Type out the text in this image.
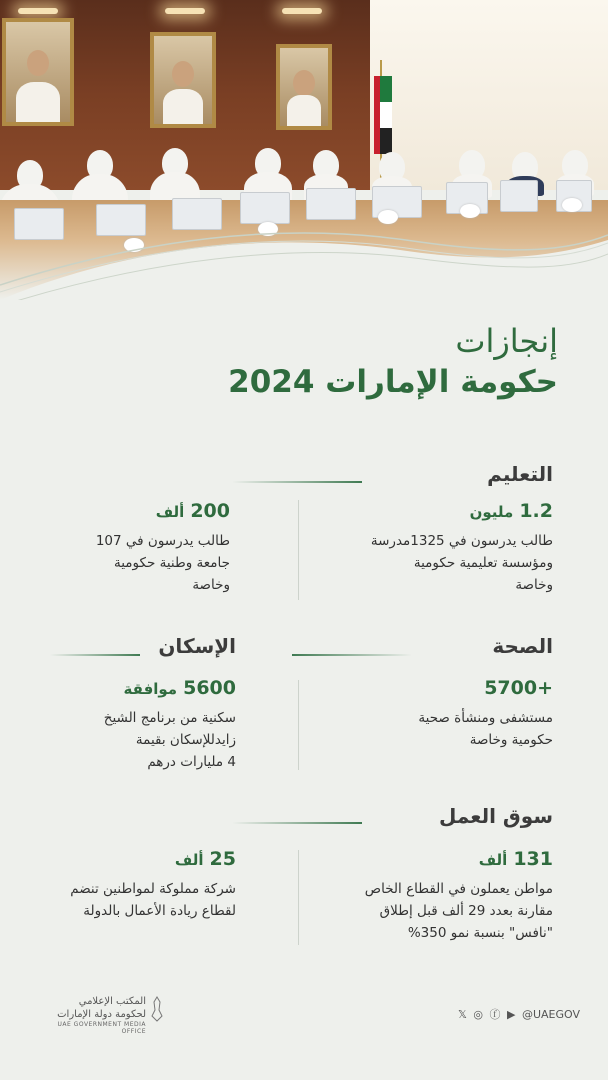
إنجازات
حكومة الإمارات 2024
التعليم
1.2مليون
طالب يدرسون في 1325مدرسة
ومؤسسة تعليمية حكومية
وخاصة
200ألف
طالب يدرسون في 107
جامعة وطنية حكومية
وخاصة
الصحة
+5700
مستشفى ومنشأة صحية
حكومية وخاصة
الإسكان
5600موافقة
سكنية من برنامج الشيخ
زايدللإسكان بقيمة
4 مليارات درهم
سوق العمل
131ألف
مواطن يعملون في القطاع الخاص
مقارنة بعدد 29 ألف قبل إطلاق
"نافس" بنسبة نمو 350%
25ألف
شركة مملوكة لمواطنين تنضم
لقطاع ريادة الأعمال بالدولة
المكتب الإعلامي
لحكومة دولة الإمارات
UAE GOVERNMENT MEDIA OFFICE
𝕏 ◎ ⓕ ▶ @UAEGOV
